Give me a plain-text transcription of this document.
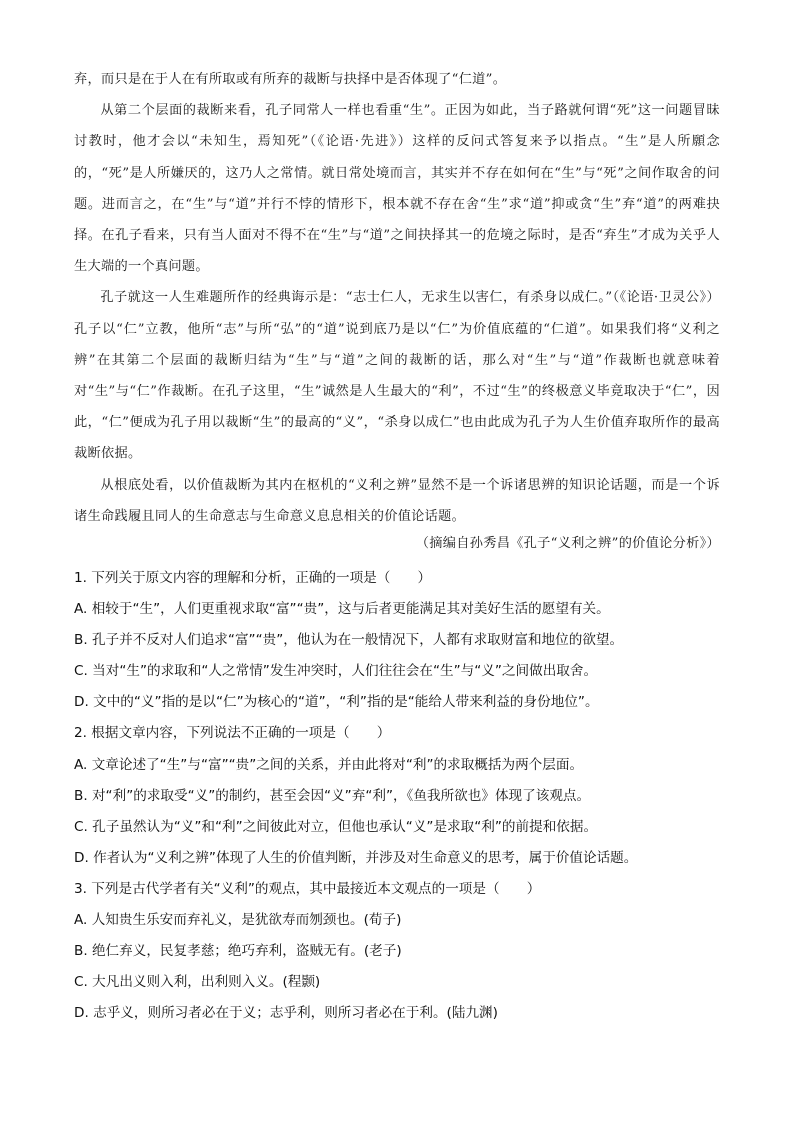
弃，而只是在于人在有所取或有所弃的裁断与抉择中是否体现了“仁道”。

从第二个层面的裁断来看，孔子同常人一样也看重“生”。正因为如此，当子路就何谓“死”这一问题冒昧讨教时，他才会以“未知生，焉知死”（《论语·先进》）这样的反问式答复来予以指点。“生”是人所願念的，“死”是人所嫌厌的，这乃人之常情。就日常处境而言，其实并不存在如何在“生”与“死”之间作取舍的问题。进而言之，在“生”与“道”并行不悖的情形下，根本就不存在舍“生”求“道”抑或贪“生”弃“道”的两难抉择。在孔子看来，只有当人面对不得不在“生”与“道”之间抉择其一的危境之际时，是否“弃生”才成为关乎人生大端的一个真问题。

孔子就这一人生难题所作的经典诲示是：“志士仁人，无求生以害仁，有杀身以成仁。”（《论语·卫灵公》）孔子以“仁”立教，他所“志”与所“弘”的“道”说到底乃是以“仁”为价值底蕴的“仁道”。如果我们将“义利之辨”在其第二个层面的裁断归结为“生”与“道”之间的裁断的话，那么对“生”与“道”作裁断也就意味着对“生”与“仁”作裁断。在孔子这里，“生”诚然是人生最大的“利”，不过“生”的终极意义毕竟取决于“仁”，因此，“仁”便成为孔子用以裁断“生”的最高的“义”，“杀身以成仁”也由此成为孔子为人生价值弃取所作的最高裁断依据。

从根底处看，以价值裁断为其内在枢机的“义利之辨”显然不是一个诉诸思辨的知识论话题，而是一个诉诸生命践履且同人的生命意志与生命意义息息相关的价值论话题。

（摘编自孙秀昌《孔子“义利之辨”的价值论分析》）
1. 下列关于原文内容的理解和分析，正确的一项是（　　）
A. 相较于“生”，人们更重视求取“富”“贵”，这与后者更能满足其对美好生活的愿望有关。
B. 孔子并不反对人们追求“富”“贵”，他认为在一般情况下，人都有求取财富和地位的欲望。
C. 当对“生”的求取和“人之常情”发生冲突时，人们往往会在“生”与“义”之间做出取舍。
D. 文中的“义”指的是以“仁”为核心的“道”，“利”指的是“能给人带来利益的身份地位”。
2. 根据文章内容，下列说法不正确的一项是（　　）
A. 文章论述了“生”与“富”“贵”之间的关系，并由此将对“利”的求取概括为两个层面。
B. 对“利”的求取受“义”的制约，甚至会因“义”弃“利”，《鱼我所欲也》体现了该观点。
C. 孔子虽然认为“义”和“利”之间彼此对立，但他也承认“义”是求取“利”的前提和依据。
D. 作者认为“义利之辨”体现了人生的价值判断，并涉及对生命意义的思考，属于价值论话题。
3. 下列是古代学者有关“义利”的观点，其中最接近本文观点的一项是（　　）
A. 人知贵生乐安而弃礼义，是犹欲寿而刎颈也。(荀子)
B. 绝仁弃义，民复孝慈；绝巧弃利，盗贼无有。(老子)
C. 大凡出义则入利，出利则入义。(程颢)
D. 志乎义，则所习者必在于义；志乎利，则所习者必在于利。(陆九渊)
